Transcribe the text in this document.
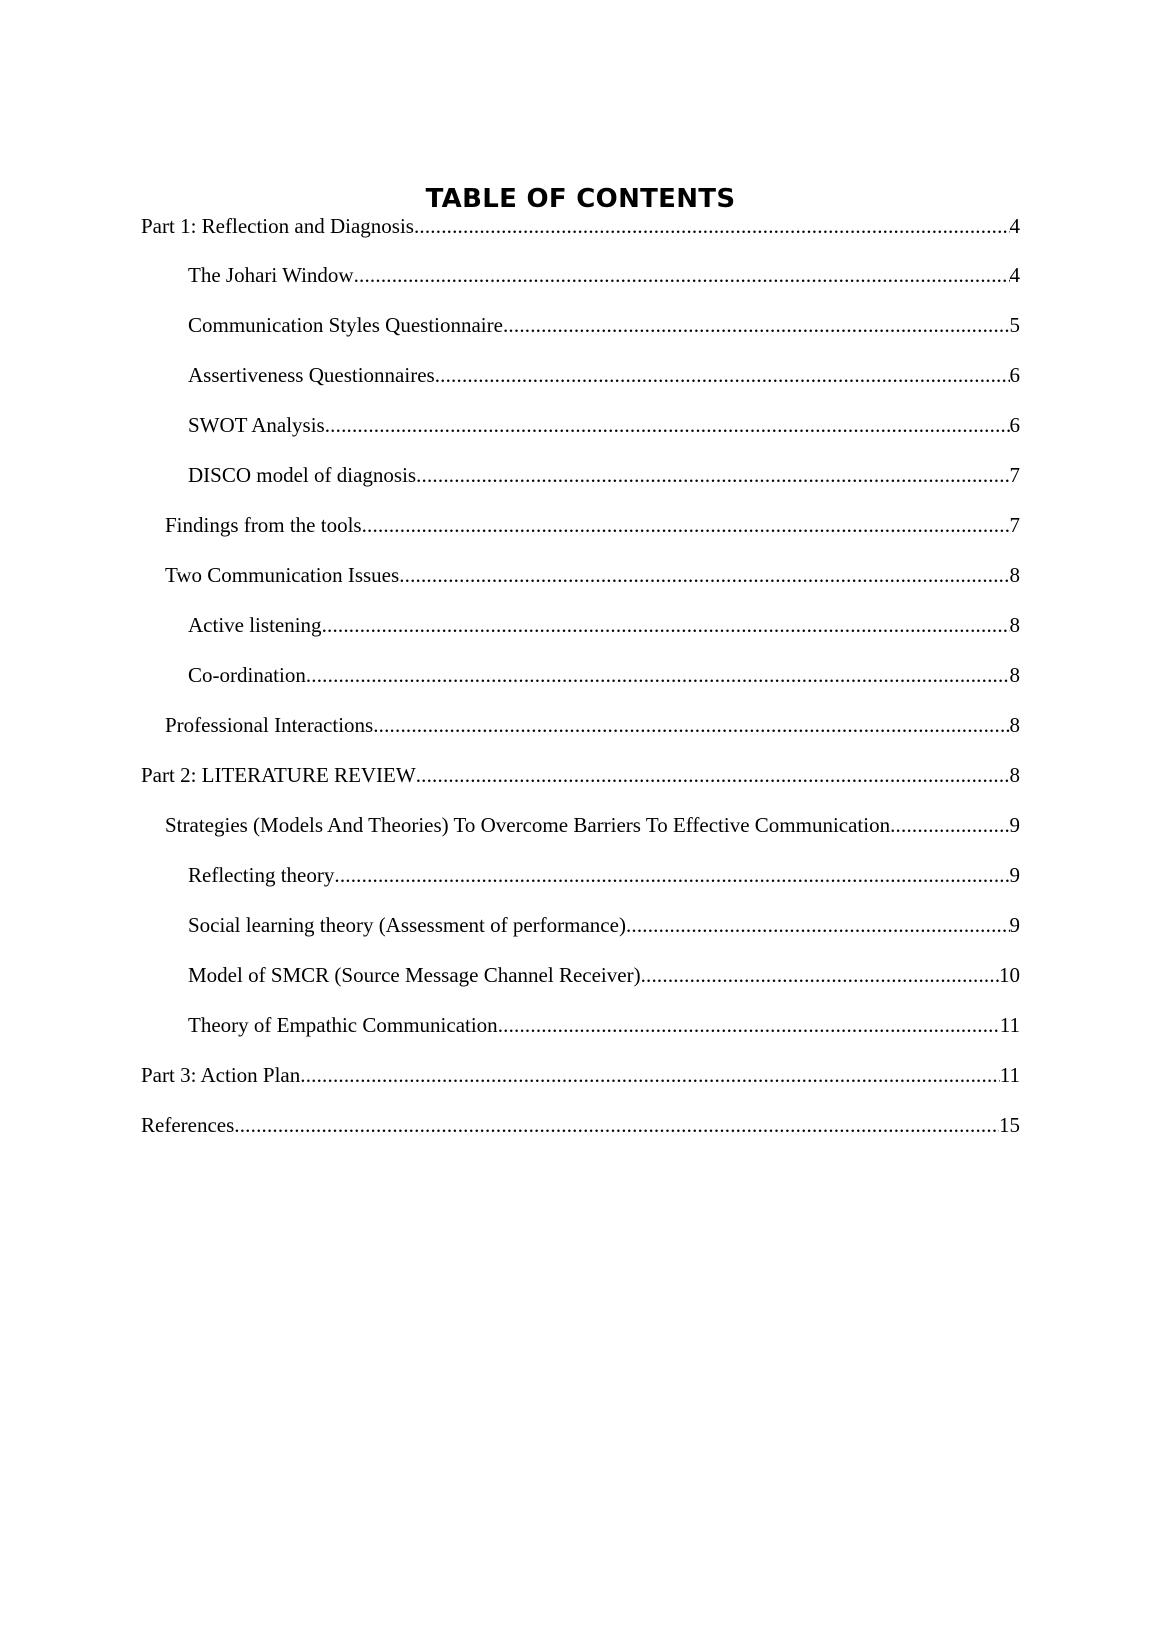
TABLE OF CONTENTS
Part 1: Reflection and Diagnosis .....	4
The Johari Window .....	4
Communication Styles Questionnaire .....	5
Assertiveness Questionnaires .....	6
SWOT Analysis .....	6
DISCO model of diagnosis .....	7
Findings from the tools .....	7
Two Communication Issues .....	8
Active listening .....	8
Co-ordination .....	8
Professional Interactions .....	8
Part 2: LITERATURE REVIEW .....	8
Strategies (Models And Theories) To Overcome Barriers To Effective Communication .....	9
Reflecting theory .....	9
Social learning theory (Assessment of performance) .....	9
Model of SMCR (Source Message Channel Receiver) .....	10
Theory of Empathic Communication .....	11
Part 3: Action Plan .....	11
References .....	15
